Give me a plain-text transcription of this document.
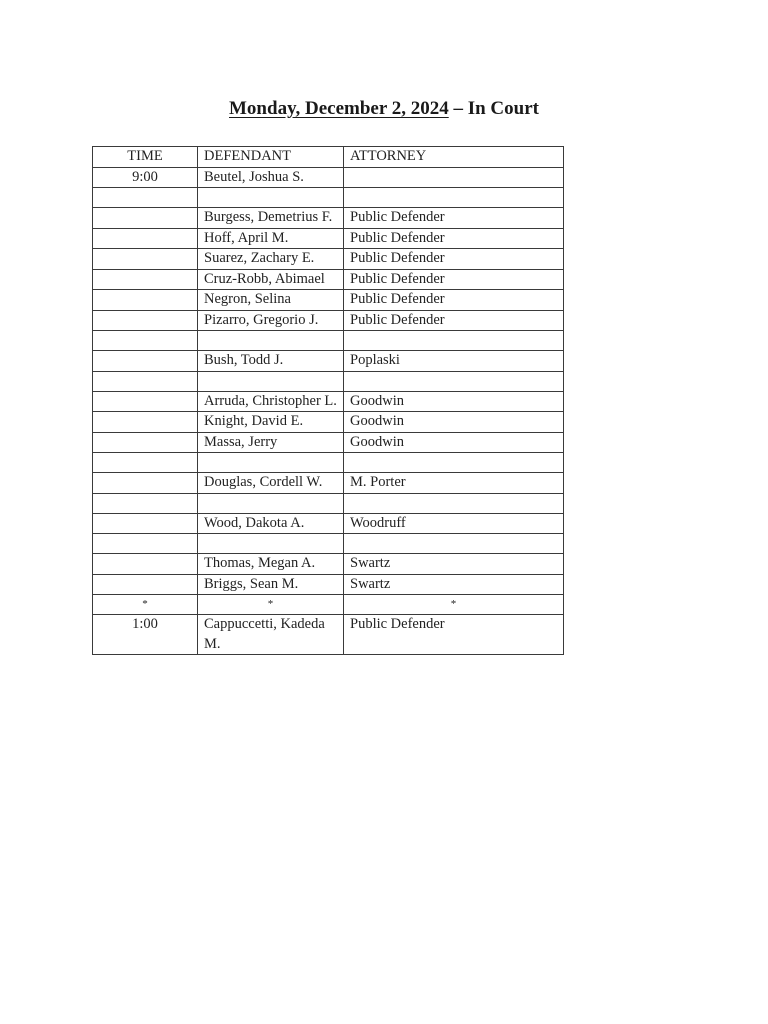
Monday, December 2, 2024 – In Court
TIME	DEFENDANT	ATTORNEY
9:00	Beutel, Joshua S.	

	Burgess, Demetrius F.	Public Defender
	Hoff, April M.	Public Defender
	Suarez, Zachary E.	Public Defender
	Cruz-Robb, Abimael	Public Defender
	Negron, Selina	Public Defender
	Pizarro, Gregorio J.	Public Defender

	Bush, Todd J.	Poplaski

	Arruda, Christopher L.	Goodwin
	Knight, David E.	Goodwin
	Massa, Jerry	Goodwin

	Douglas, Cordell W.	M. Porter

	Wood, Dakota A.	Woodruff

	Thomas, Megan A.	Swartz
	Briggs, Sean M.	Swartz
*	*	*
1:00	Cappuccetti, Kadeda M.	Public Defender
